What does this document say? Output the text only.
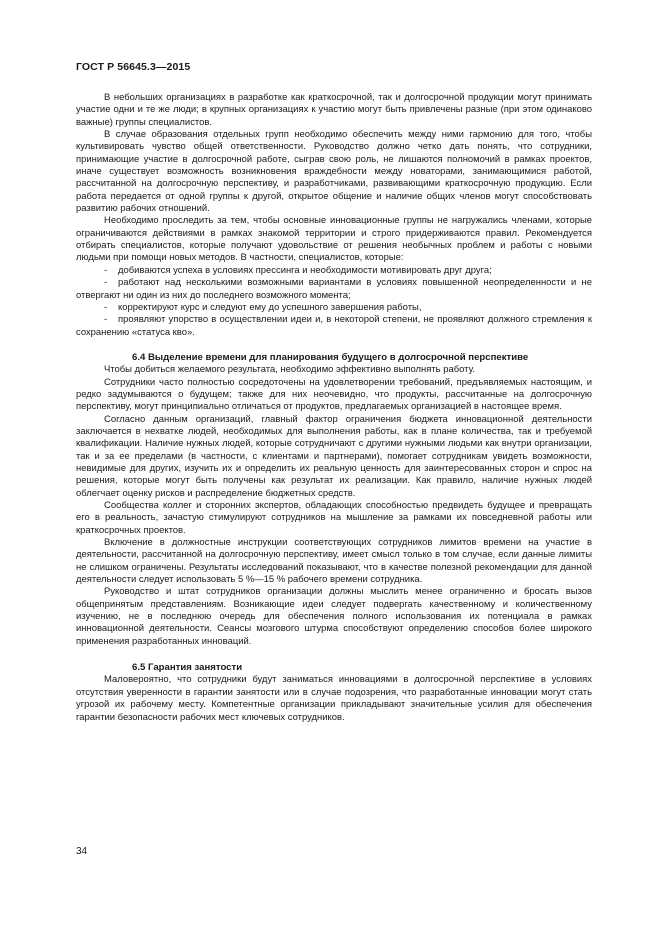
ГОСТ Р 56645.3—2015

В небольших организациях в разработке как краткосрочной, так и долгосрочной продукции могут принимать участие одни и те же люди; в крупных организациях к участию могут быть привлечены разные (при этом одинаково важные) группы специалистов.

В случае образования отдельных групп необходимо обеспечить между ними гармонию для того, чтобы культивировать чувство общей ответственности. Руководство должно четко дать понять, что сотрудники, принимающие участие в долгосрочной работе, сыграв свою роль, не лишаются полномочий в рамках проектов, иначе существует возможность возникновения враждебности между новаторами, занимающимися работой, рассчитанной на долгосрочную перспективу, и разработчиками, развивающими краткосрочную продукцию. Если работа передается от одной группы к другой, открытое общение и наличие общих членов могут способствовать развитию рабочих отношений.

Необходимо проследить за тем, чтобы основные инновационные группы не нагружались членами, которые ограничиваются действиями в рамках знакомой территории и строго придерживаются правил. Рекомендуется отбирать специалистов, которые получают удовольствие от решения необычных проблем и работы с новыми людьми при помощи новых методов. В частности, специалистов, которые:

- добиваются успеха в условиях прессинга и необходимости мотивировать друг друга;
- работают над несколькими возможными вариантами в условиях повышенной неопределенности и не отвергают ни один из них до последнего возможного момента;
- корректируют курс и следуют ему до успешного завершения работы,
- проявляют упорство в осуществлении идеи и, в некоторой степени, не проявляют должного стремления к сохранению «статуса кво».

6.4 Выделение времени для планирования будущего в долгосрочной перспективе

Чтобы добиться желаемого результата, необходимо эффективно выполнять работу.

Сотрудники часто полностью сосредоточены на удовлетворении требований, предъявляемых настоящим, и редко задумываются о будущем; также для них неочевидно, что продукты, рассчитанные на долгосрочную перспективу, могут принципиально отличаться от продуктов, предлагаемых организацией в настоящее время.

Согласно данным организаций, главный фактор ограничения бюджета инновационной деятельности заключается в нехватке людей, необходимых для выполнения работы, как в плане количества, так и требуемой квалификации. Наличие нужных людей, которые сотрудничают с другими нужными людьми как внутри организации, так и за ее пределами (в частности, с клиентами и партнерами), помогает сотрудникам увидеть возможности, невидимые для других, изучить их и определить их реальную ценность для заинтересованных сторон и спрос на решения, которые могут быть получены как результат их реализации. Как правило, наличие нужных людей облегчает оценку рисков и распределение бюджетных средств.

Сообщества коллег и сторонних экспертов, обладающих способностью предвидеть будущее и превращать его в реальность, зачастую стимулируют сотрудников на мышление за рамками их повседневной работы или краткосрочных проектов.

Включение в должностные инструкции соответствующих сотрудников лимитов времени на участие в деятельности, рассчитанной на долгосрочную перспективу, имеет смысл только в том случае, если данные лимиты не слишком ограничены. Результаты исследований показывают, что в качестве полезной рекомендации для данной деятельности следует использовать 5 %—15 % рабочего времени сотрудника.

Руководство и штат сотрудников организации должны мыслить менее ограниченно и бросать вызов общепринятым представлениям. Возникающие идеи следует подвергать качественному и количественному изучению, не в последнюю очередь для обеспечения полного использования их потенциала в рамках инновационной деятельности. Сеансы мозгового штурма способствуют определению способов более широкого применения разработанных инноваций.

6.5 Гарантия занятости

Маловероятно, что сотрудники будут заниматься инновациями в долгосрочной перспективе в условиях отсутствия уверенности в гарантии занятости или в случае подозрения, что разработанные инновации могут стать угрозой их рабочему месту. Компетентные организации прикладывают значительные усилия для обеспечения гарантии безопасности рабочих мест ключевых сотрудников.

34
